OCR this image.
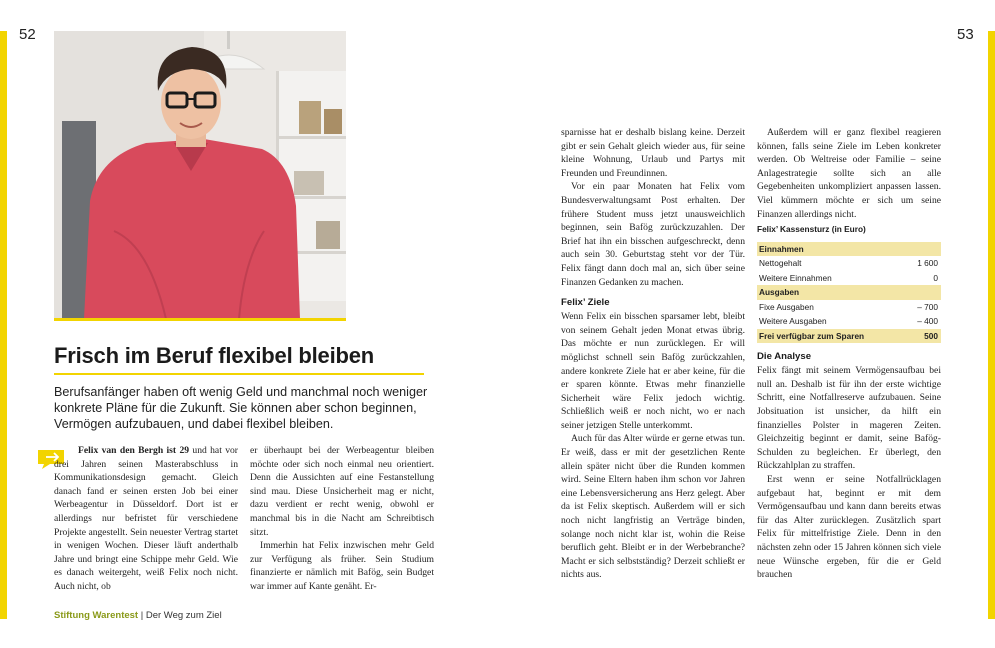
52	53
Frisch im Beruf flexibel bleiben

Berufsanfänger haben oft wenig Geld und manchmal noch weniger konkrete Pläne für die Zukunft. Sie können aber schon beginnen, Vermögen aufzubauen, und dabei flexibel bleiben.

Felix van den Bergh ist 29 und hat vor drei Jahren seinen Masterabschluss in Kommunikationsdesign gemacht. Gleich danach fand er seinen ersten Job bei einer Werbeagentur in Düsseldorf. Dort ist er allerdings nur befristet für verschiedene Projekte angestellt. Sein neuester Vertrag startet in wenigen Wochen. Dieser läuft anderthalb Jahre und bringt eine Schippe mehr Geld. Wie es danach weitergeht, weiß Felix noch nicht. Auch nicht, ob

er überhaupt bei der Werbeagentur bleiben möchte oder sich noch einmal neu orientiert. Denn die Aussichten auf eine Festanstellung sind mau. Diese Unsicherheit mag er nicht, dazu verdient er recht wenig, obwohl er manchmal bis in die Nacht am Schreibtisch sitzt.

Immerhin hat Felix inzwischen mehr Geld zur Verfügung als früher. Sein Studium finanzierte er nämlich mit Bafög, sein Budget war immer auf Kante genäht. Er-

sparnisse hat er deshalb bislang keine. Derzeit gibt er sein Gehalt gleich wieder aus, für seine kleine Wohnung, Urlaub und Partys mit Freunden und Freundinnen.

Vor ein paar Monaten hat Felix vom Bundesverwaltungsamt Post erhalten. Der frühere Student muss jetzt unausweichlich beginnen, sein Bafög zurückzuzahlen. Der Brief hat ihn ein bisschen aufgeschreckt, denn auch sein 30. Geburtstag steht vor der Tür. Felix fängt dann doch mal an, sich über seine Finanzen Gedanken zu machen.

Felix’ Ziele

Wenn Felix ein bisschen sparsamer lebt, bleibt von seinem Gehalt jeden Monat etwas übrig. Das möchte er nun zurücklegen. Er will möglichst schnell sein Bafög zurückzahlen, andere konkrete Ziele hat er aber keine, für die er sparen könnte. Etwas mehr finanzielle Sicherheit wäre Felix jedoch wichtig. Schließlich weiß er noch nicht, wo er nach seiner jetzigen Stelle unterkommt.

Auch für das Alter würde er gerne etwas tun. Er weiß, dass er mit der gesetzlichen Rente allein später nicht über die Runden kommen wird. Seine Eltern haben ihm schon vor Jahren eine Lebensversicherung ans Herz gelegt. Aber da ist Felix skeptisch. Außerdem will er sich noch nicht langfristig an Verträge binden, solange noch nicht klar ist, wohin die Reise beruflich geht. Bleibt er in der Werbebranche? Macht er sich selbstständig? Derzeit schließt er nichts aus.

Außerdem will er ganz flexibel reagieren können, falls seine Ziele im Leben konkreter werden. Ob Weltreise oder Familie – seine Anlagestrategie sollte sich an alle Gegebenheiten unkompliziert anpassen lassen. Viel kümmern möchte er sich um seine Finanzen allerdings nicht.

Felix’ Kassensturz (in Euro)
Einnahmen
Nettogehalt	1 600
Weitere Einnahmen	0
Ausgaben
Fixe Ausgaben	– 700
Weitere Ausgaben	– 400
Frei verfügbar zum Sparen	500
Die Analyse

Felix fängt mit seinem Vermögensaufbau bei null an. Deshalb ist für ihn der erste wichtige Schritt, eine Notfallreserve aufzubauen. Seine Jobsituation ist unsicher, da hilft ein finanzielles Polster in mageren Zeiten. Gleichzeitig beginnt er damit, seine Bafög-Schulden zu begleichen. Er überlegt, den Rückzahlplan zu straffen.

Erst wenn er seine Notfallrücklagen aufgebaut hat, beginnt er mit dem Vermögensaufbau und kann dann bereits etwas für das Alter zurücklegen. Zusätzlich spart Felix für mittelfristige Ziele. Denn in den nächsten zehn oder 15 Jahren können sich viele neue Wünsche ergeben, für die er Geld brauchen

Stiftung Warentest | Der Weg zum Ziel
